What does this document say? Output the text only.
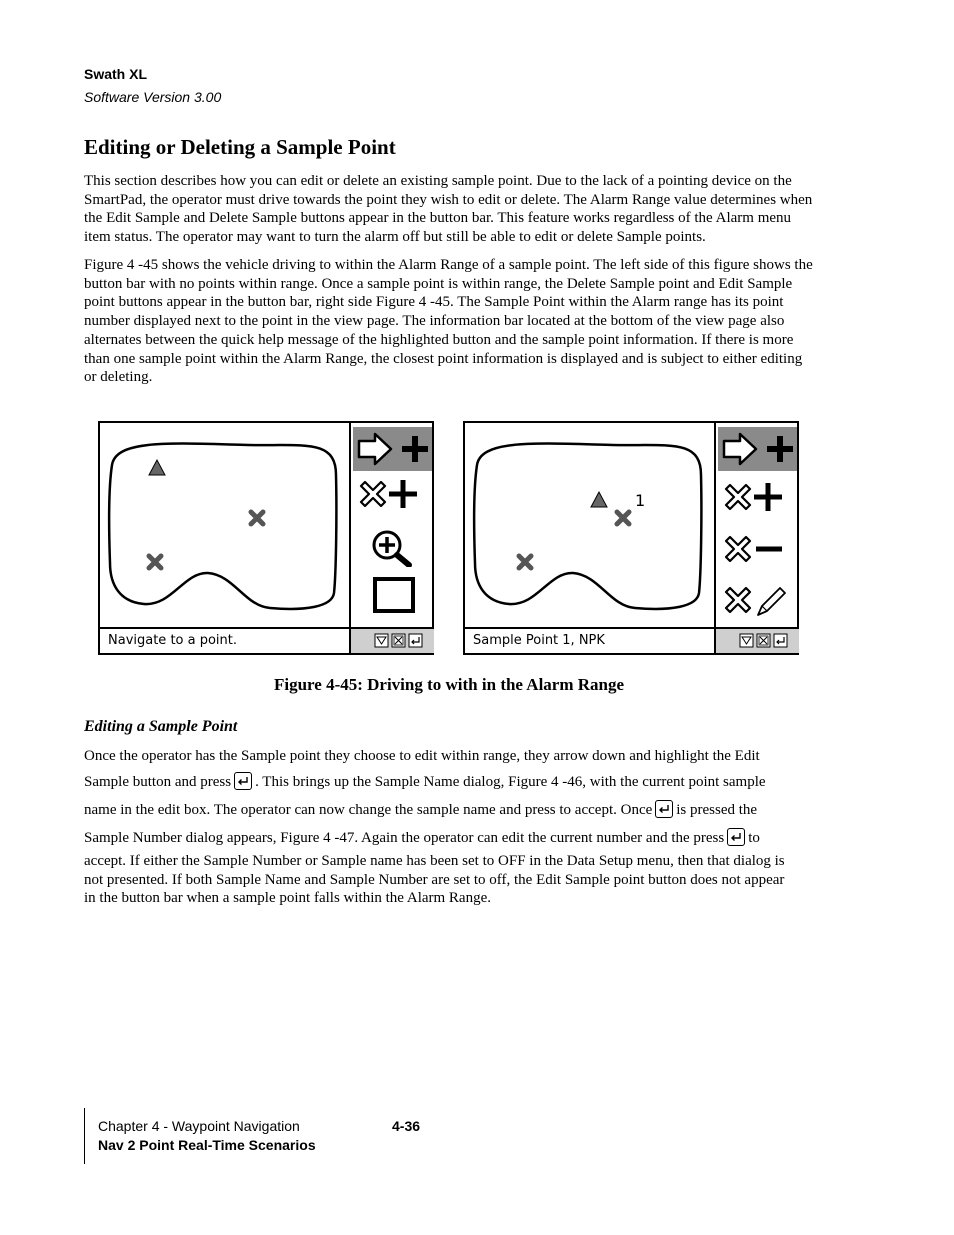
Swath XL
Software Version 3.00
Editing or Deleting a Sample Point

This section describes how you can edit or delete an existing sample point. Due to the lack of a pointing device on the SmartPad, the operator must drive towards the point they wish to edit or delete. The Alarm Range value determines when the Edit Sample and Delete Sample buttons appear in the button bar. This feature works regardless of the Alarm menu item status. The operator may want to turn the alarm off but still be able to edit or delete Sample points.

Figure 4 -45 shows the vehicle driving to within the Alarm Range of a sample point. The left side of this figure shows the button bar with no points within range. Once a sample point is within range, the Delete Sample point and Edit Sample point buttons appear in the button bar, right side Figure 4 -45. The Sample Point within the Alarm range has its point number displayed next to the point in the view page. The information bar located at the bottom of the view page also alternates between the quick help message of the highlighted button and the sample point information. If there is more than one sample point within the Alarm Range, the closest point information is displayed and is subject to either editing or deleting.

Navigate to a point.
1
Sample Point 1, NPK
Figure 4-45: Driving to with in the Alarm Range
Editing a Sample Point
Once the operator has the Sample point they choose to edit within range, they arrow down and highlight the Edit
Sample button and press . This brings up the Sample Name dialog, Figure 4 -46, with the current point sample
name in the edit box. The operator can now change the sample name and press to accept. Once is pressed the
Sample Number dialog appears, Figure 4 -47. Again the operator can edit the current number and the press to
accept. If either the Sample Number or Sample name has been set to OFF in the Data Setup menu, then that dialog is
not presented. If both Sample Name and Sample Number are set to off, the Edit Sample point button does not appear
in the button bar when a sample point falls within the Alarm Range.
Chapter 4 - Waypoint Navigation	4-36
Nav 2 Point Real-Time Scenarios
